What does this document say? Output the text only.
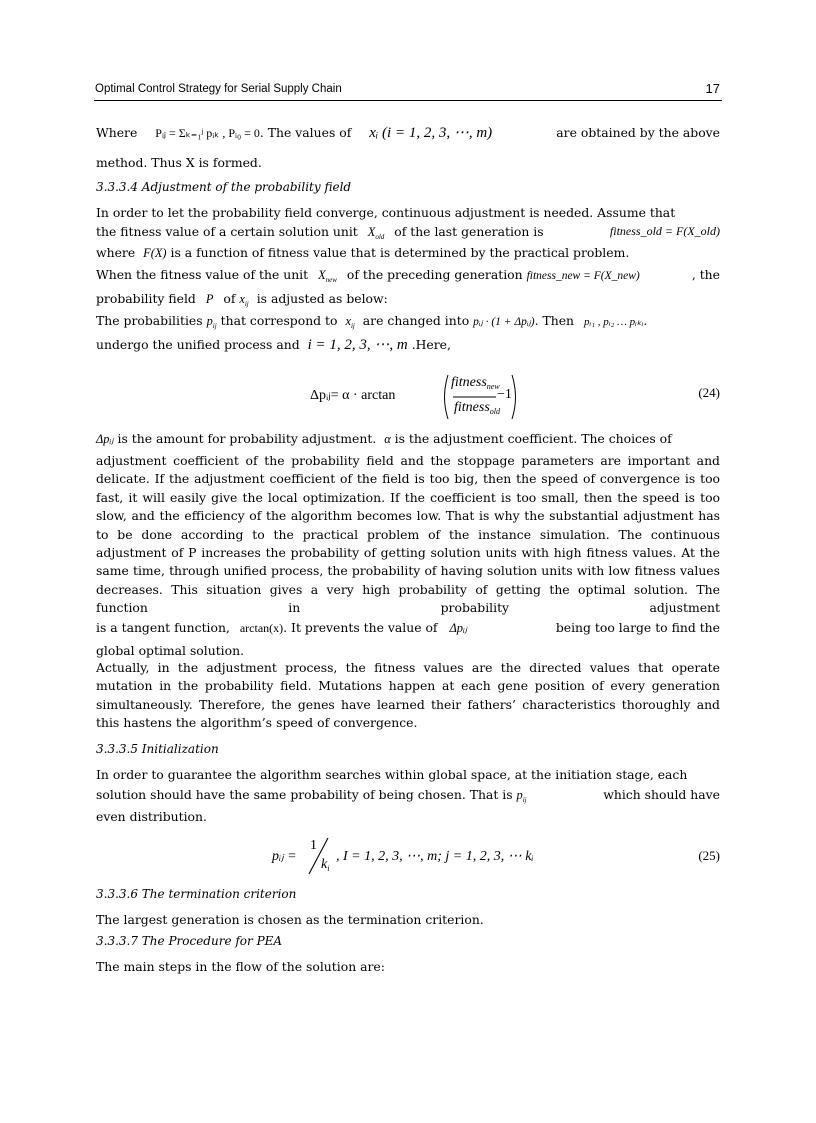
Optimal Control Strategy for Serial Supply Chain	17
Where Pᵢⱼ = Σₖ₌₁ʲ pᵢₖ , Pᵢ₀ = 0. The values of xᵢ (i = 1, 2, 3, ⋯, m)	are obtained by the above
method. Thus X is formed.
3.3.3.4 Adjustment of the probability field
In order to let the probability field converge, continuous adjustment is needed. Assume that
the fitness value of a certain solution unit $X_{old}$ of the last generation is	fitness_old = F(X_old)
where F(X) is a function of fitness value that is determined by the practical problem.
When the fitness value of the unit $X_{new}$ of the preceding generation fitness_new = F(X_new)	, the
probability field P of $x_{ij}$ is adjusted as below:
The probabilities $p_{ij}$ that correspond to $x_{ij}$ are changed into pᵢⱼ · (1 + Δpᵢⱼ). Then pᵢ₁ , pᵢ₂ … pᵢₖᵢ.
undergo the unified process and i = 1, 2, 3, ⋯, m .Here,
Δpᵢⱼ= α · arctan
fitness$_{new}$
fitness$_{old}$
−1	(24)
Δpᵢⱼ is the amount for probability adjustment. α is the adjustment coefficient. The choices of
adjustment coefficient of the probability field and the stoppage parameters are important and delicate. If the adjustment coefficient of the field is too big, then the speed of convergence is too fast, it will easily give the local optimization. If the coefficient is too small, then the speed is too slow, and the efficiency of the algorithm becomes low. That is why the substantial adjustment has to be done according to the practical problem of the instance simulation. The continuous adjustment of P increases the probability of getting solution units with high fitness values. At the same time, through unified process, the probability of having solution units with low fitness values decreases. This situation gives a very high probability of getting the optimal solution. The function in probability adjustment
is a tangent function, arctan(x). It prevents the value of Δpᵢⱼ	being too large to find the
global optimal solution.
Actually, in the adjustment process, the fitness values are the directed values that operate mutation in the probability field. Mutations happen at each gene position of every generation simultaneously. Therefore, the genes have learned their fathers’ characteristics thoroughly and this hastens the algorithm’s speed of convergence.
3.3.3.5 Initialization
In order to guarantee the algorithm searches within global space, at the initiation stage, each
solution should have the same probability of being chosen. That is $p_{ij}$	which should have
even distribution.
pᵢⱼ =
1
$k_i$
, I = 1, 2, 3, ⋯, m; j = 1, 2, 3, ⋯ kᵢ	(25)
3.3.3.6 The termination criterion
The largest generation is chosen as the termination criterion.
3.3.3.7 The Procedure for PEA
The main steps in the flow of the solution are:
